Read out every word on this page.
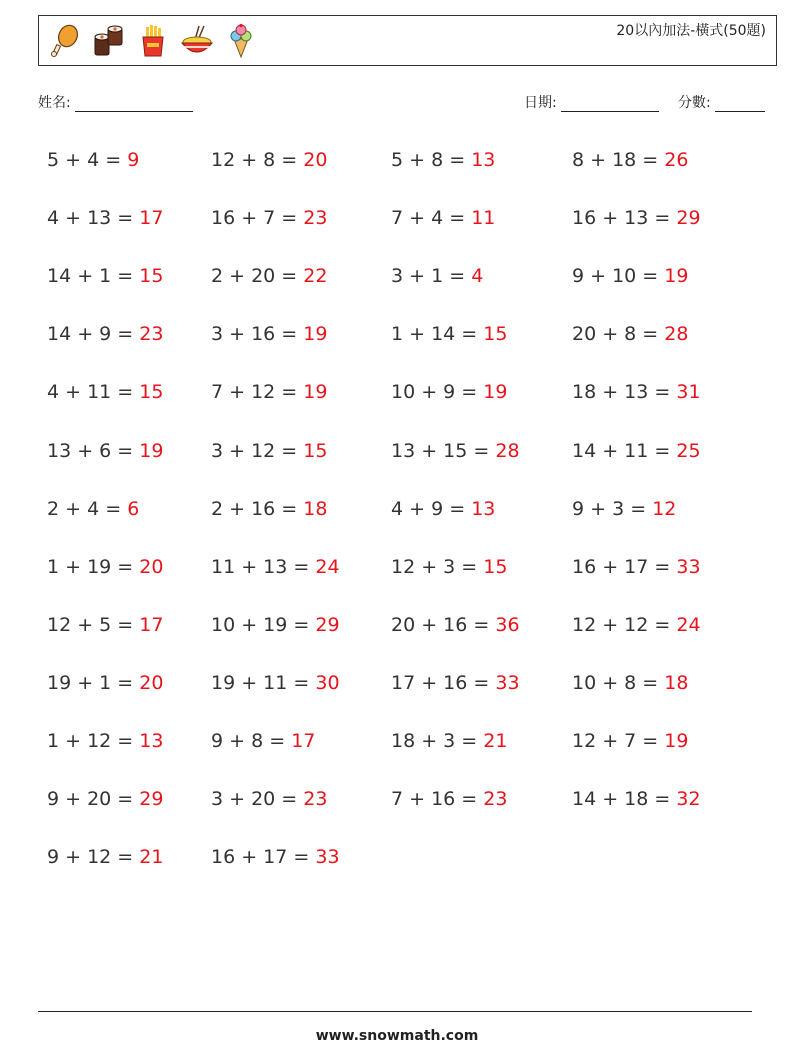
20以內加法-橫式(50題)
姓名:	日期:	分數:
5 + 4 = 9	12 + 8 = 20	5 + 8 = 13	8 + 18 = 26
4 + 13 = 17	16 + 7 = 23	7 + 4 = 11	16 + 13 = 29
14 + 1 = 15	2 + 20 = 22	3 + 1 = 4	9 + 10 = 19
14 + 9 = 23	3 + 16 = 19	1 + 14 = 15	20 + 8 = 28
4 + 11 = 15	7 + 12 = 19	10 + 9 = 19	18 + 13 = 31
13 + 6 = 19	3 + 12 = 15	13 + 15 = 28	14 + 11 = 25
2 + 4 = 6	2 + 16 = 18	4 + 9 = 13	9 + 3 = 12
1 + 19 = 20	11 + 13 = 24	12 + 3 = 15	16 + 17 = 33
12 + 5 = 17	10 + 19 = 29	20 + 16 = 36	12 + 12 = 24
19 + 1 = 20	19 + 11 = 30	17 + 16 = 33	10 + 8 = 18
1 + 12 = 13	9 + 8 = 17	18 + 3 = 21	12 + 7 = 19
9 + 20 = 29	3 + 20 = 23	7 + 16 = 23	14 + 18 = 32
9 + 12 = 21	16 + 17 = 33
www.snowmath.com
